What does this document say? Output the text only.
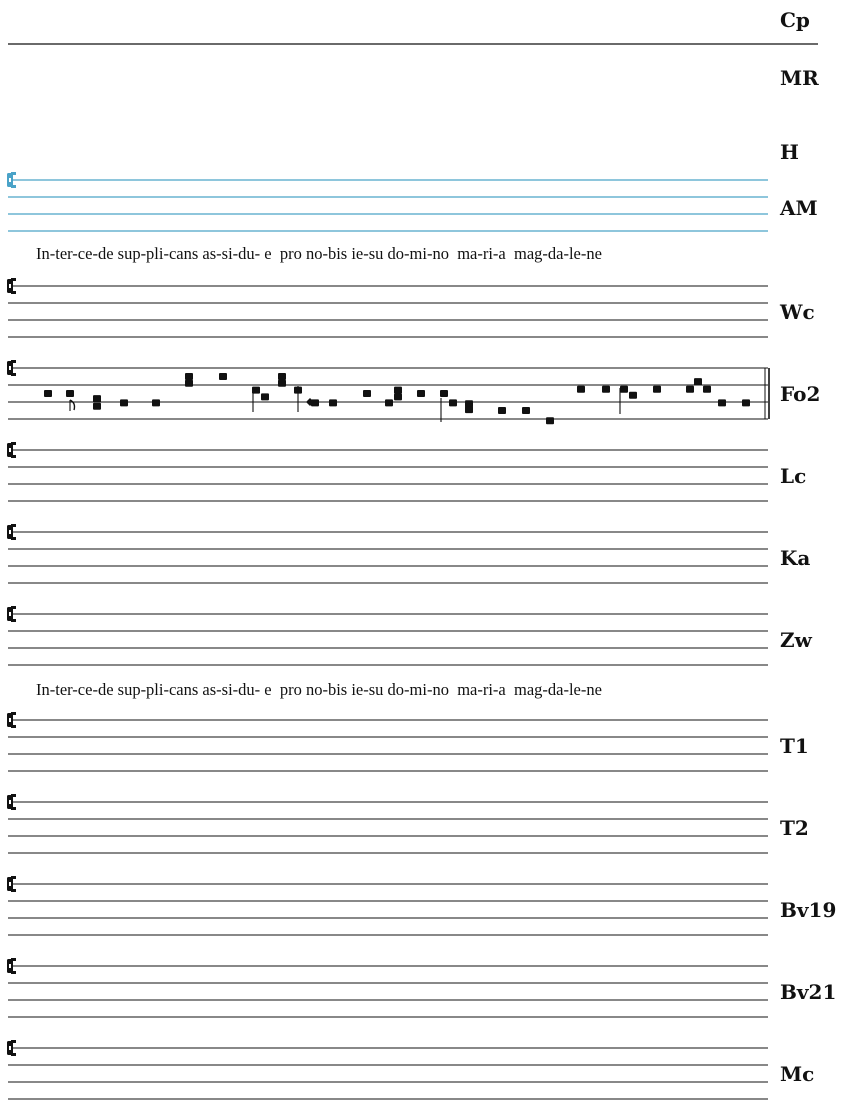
Cp
MR
H
AM
Wc
Fo2
Lc
Ka
Zw
T1
T2
Bv19
Bv21
Mc
In-ter-ce-de sup-pli-cans as-si-du- e  pro no-bis ie-su do-mi-no  ma-ri-a  mag-da-le-ne
In-ter-ce-de sup-pli-cans as-si-du- e  pro no-bis ie-su do-mi-no  ma-ri-a  mag-da-le-ne
